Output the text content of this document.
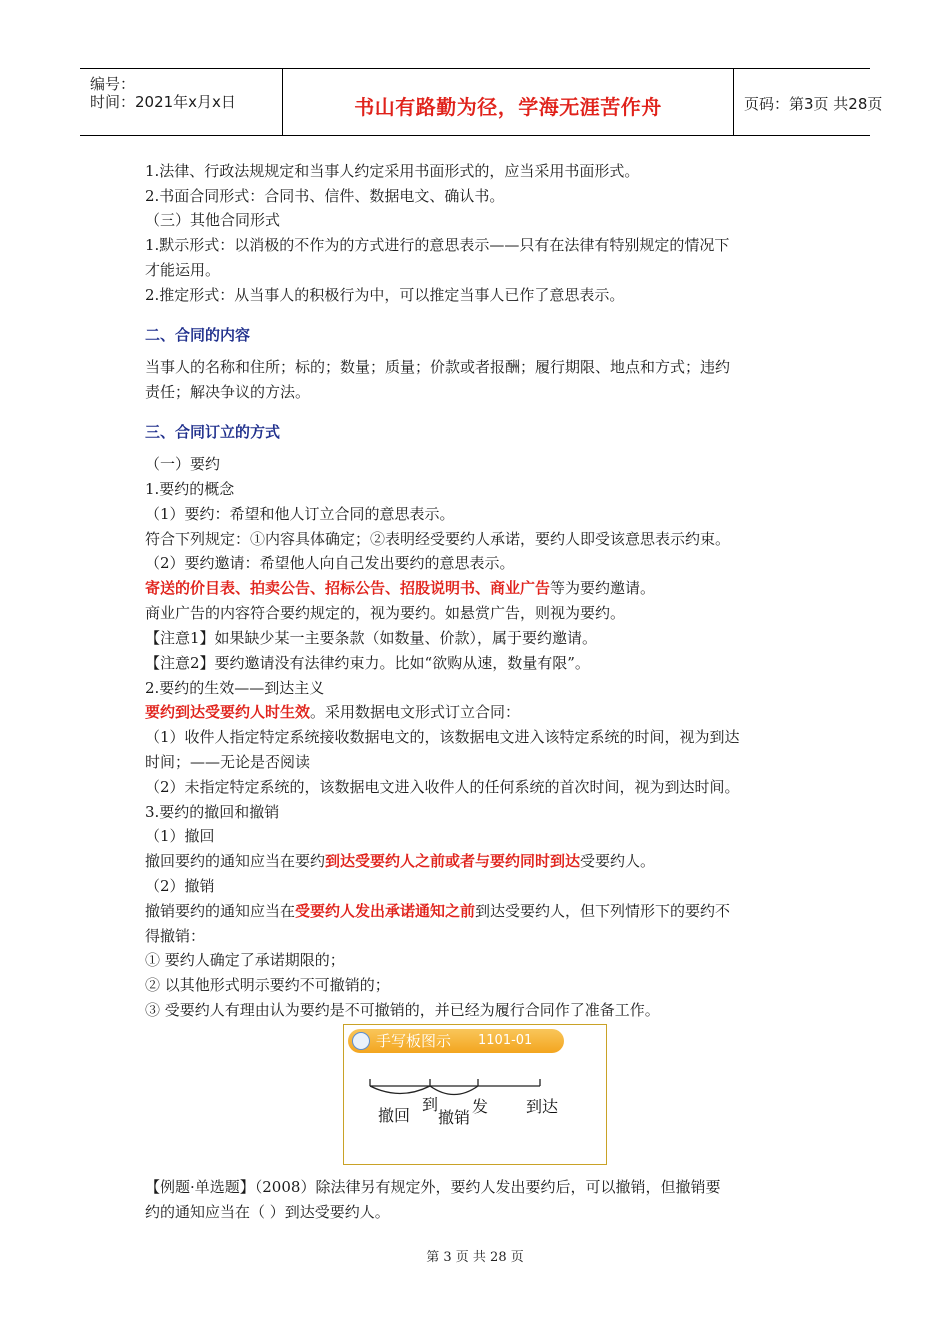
编号：
时间：2021年x月x日	书山有路勤为径，学海无涯苦作舟	页码：第3页 共28页
1.法律、行政法规规定和当事人约定采用书面形式的，应当采用书面形式。
2.书面合同形式：合同书、信件、数据电文、确认书。
（三）其他合同形式
1.默示形式：以消极的不作为的方式进行的意思表示——只有在法律有特别规定的情况下
才能运用。
2.推定形式：从当事人的积极行为中，可以推定当事人已作了意思表示。
二、合同的内容
当事人的名称和住所；标的；数量；质量；价款或者报酬；履行期限、地点和方式；违约
责任；解决争议的方法。
三、合同订立的方式
（一）要约
1.要约的概念
（1）要约：希望和他人订立合同的意思表示。
符合下列规定：①内容具体确定；②表明经受要约人承诺，要约人即受该意思表示约束。
（2）要约邀请：希望他人向自己发出要约的意思表示。
寄送的价目表、拍卖公告、招标公告、招股说明书、商业广告等为要约邀请。
商业广告的内容符合要约规定的，视为要约。如悬赏广告，则视为要约。
【注意1】如果缺少某一主要条款（如数量、价款），属于要约邀请。
【注意2】要约邀请没有法律约束力。比如“欲购从速，数量有限”。
2.要约的生效——到达主义
要约到达受要约人时生效。采用数据电文形式订立合同：
（1）收件人指定特定系统接收数据电文的，该数据电文进入该特定系统的时间，视为到达
时间；——无论是否阅读
（2）未指定特定系统的，该数据电文进入收件人的任何系统的首次时间，视为到达时间。
3.要约的撤回和撤销
（1）撤回
撤回要约的通知应当在要约到达受要约人之前或者与要约同时到达受要约人。
（2）撤销
撤销要约的通知应当在受要约人发出承诺通知之前到达受要约人，但下列情形下的要约不
得撤销：
① 要约人确定了承诺期限的；
② 以其他形式明示要约不可撤销的；
③ 受要约人有理由认为要约是不可撤销的，并已经为履行合同作了准备工作。
手写板图示 1101-01
撤回
到
撤销
发 到达
【例题·单选题】（2008）除法律另有规定外，要约人发出要约后，可以撤销，但撤销要
约的通知应当在（ ）到达受要约人。
第 3 页 共 28 页
